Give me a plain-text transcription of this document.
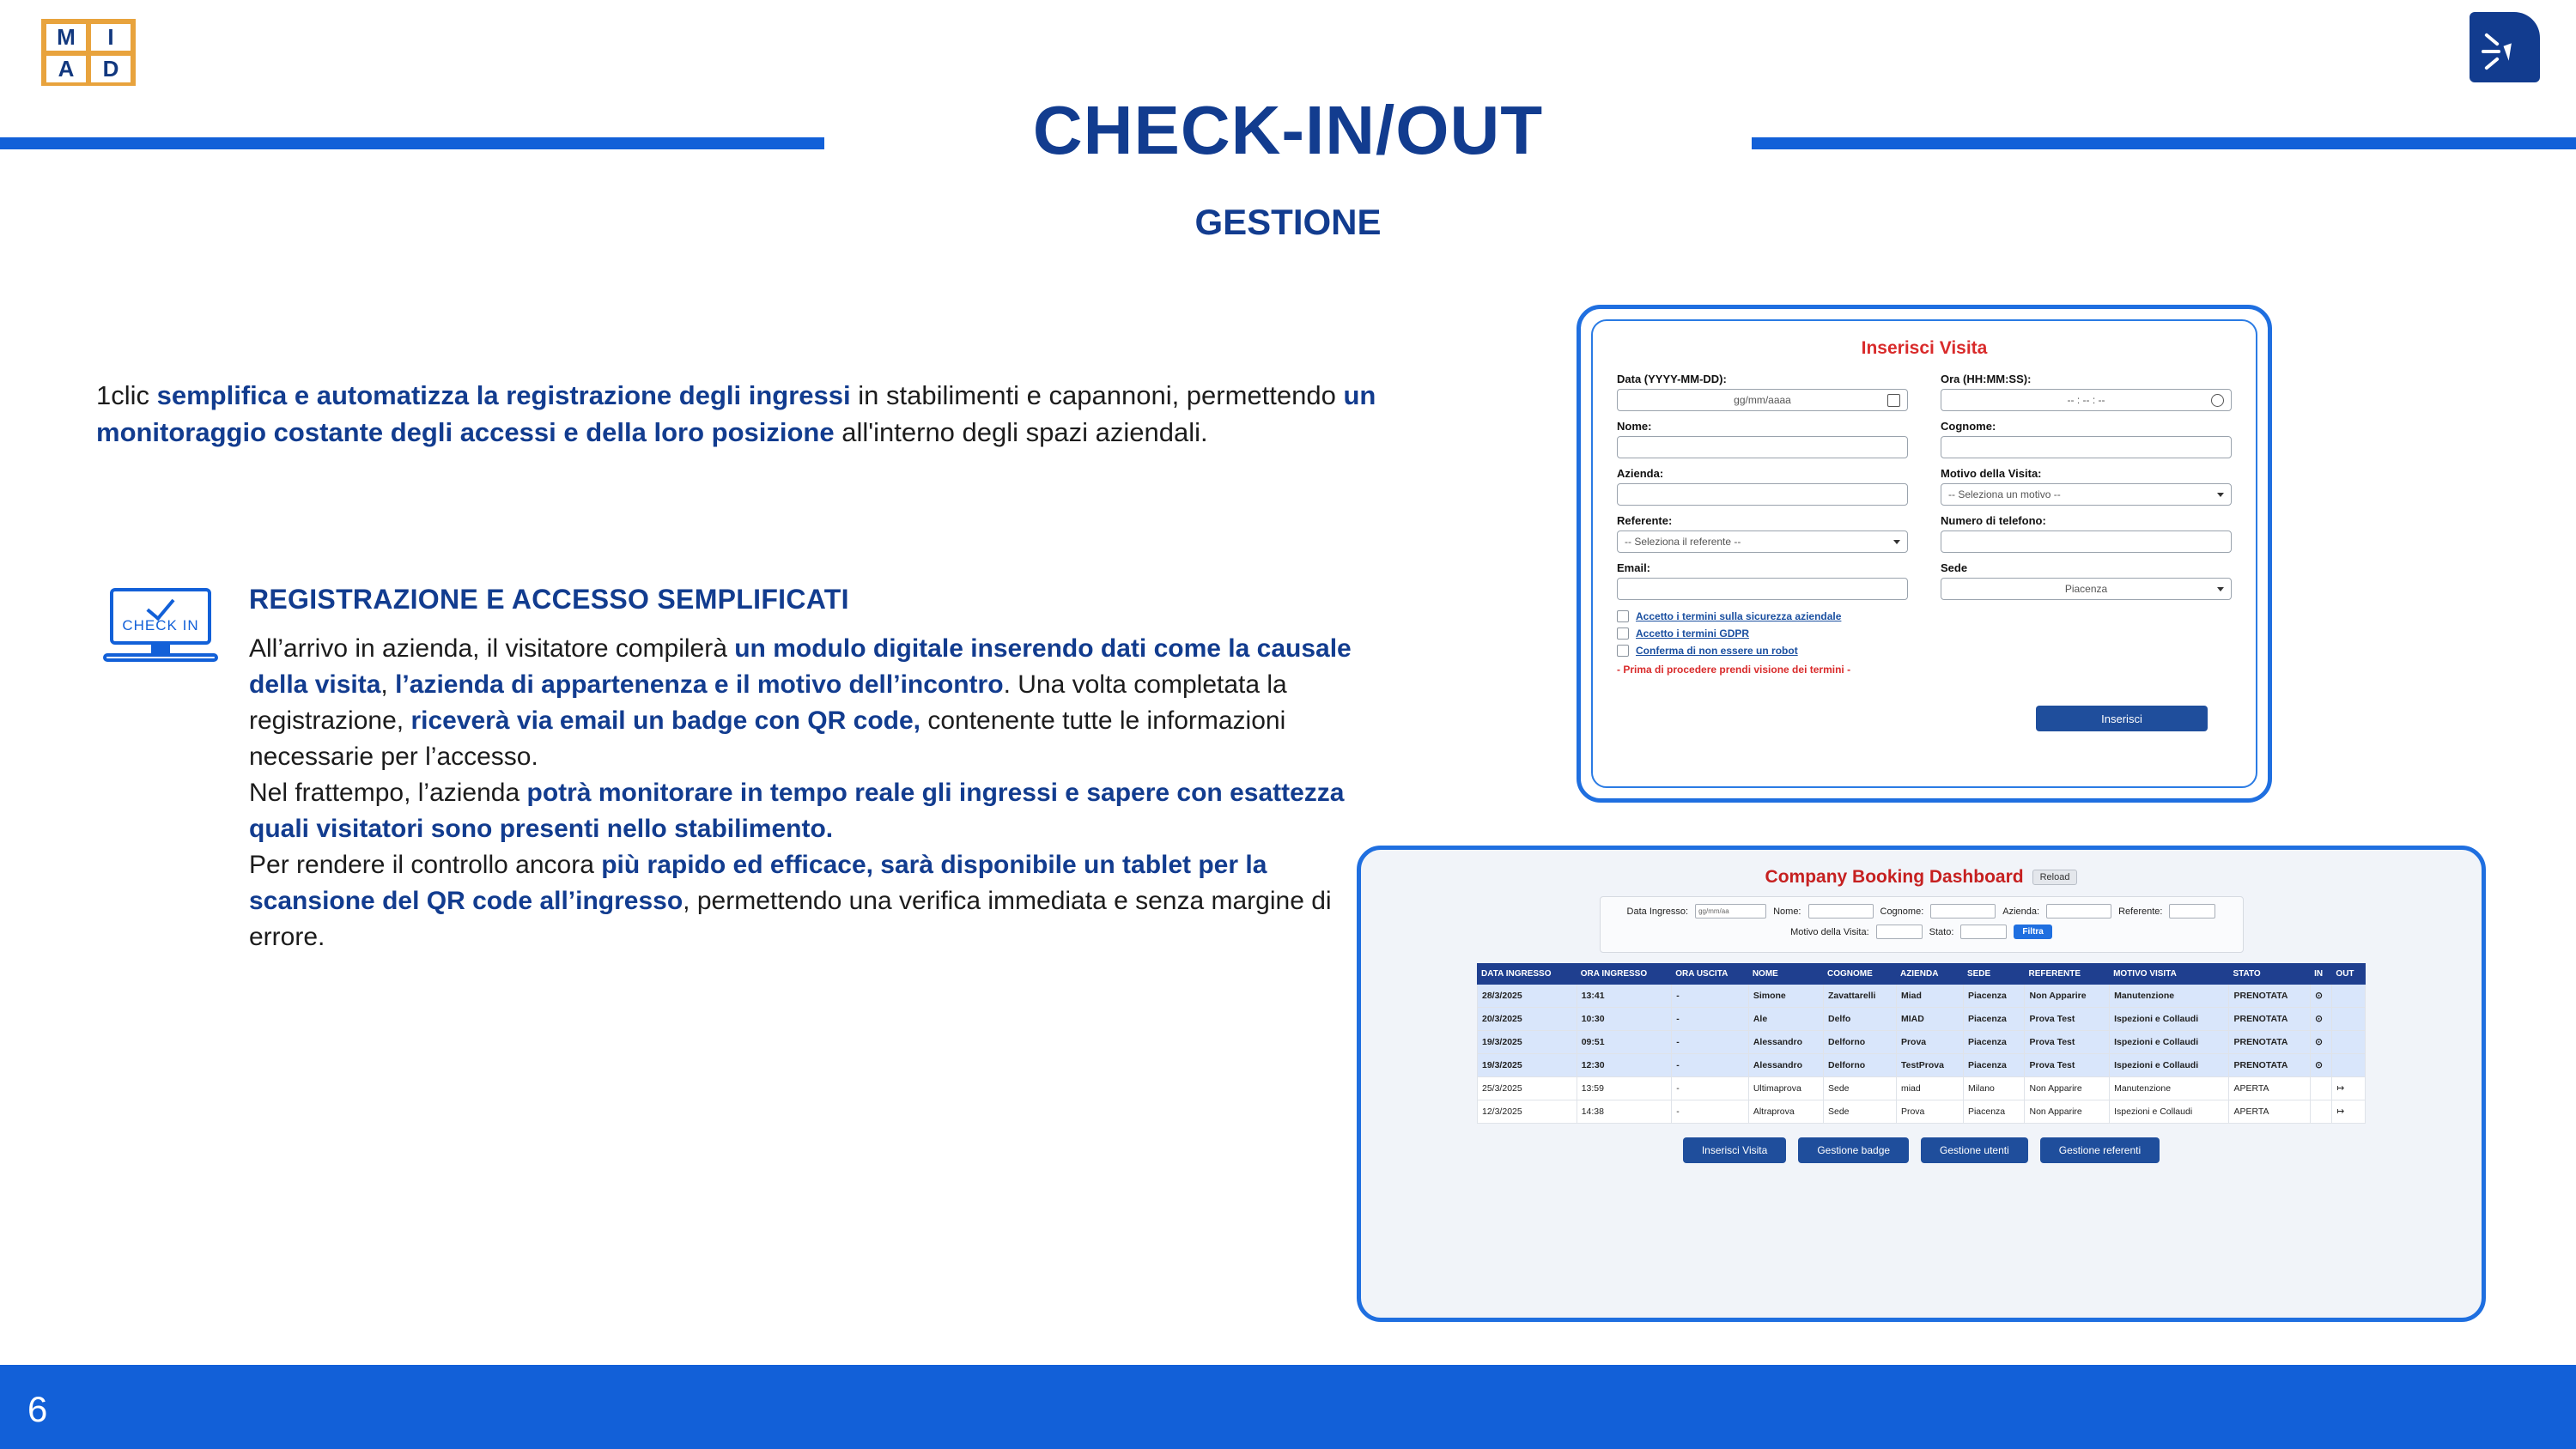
M	I
A	D
CHECK-IN/OUT
GESTIONE
1clic semplifica e automatizza la registrazione degli ingressi in stabilimenti e capannoni, permettendo un monitoraggio costante degli accessi e della loro posizione all'interno degli spazi aziendali.
CHECK IN
REGISTRAZIONE E ACCESSO SEMPLIFICATI

All’arrivo in azienda, il visitatore compilerà un modulo digitale inserendo dati come la causale della visita, l’azienda di appartenenza e il motivo dell’incontro. Una volta completata la registrazione, riceverà via email un badge con QR code, contenente tutte le informazioni necessarie per l’accesso.

Nel frattempo, l’azienda potrà monitorare in tempo reale gli ingressi e sapere con esattezza quali visitatori sono presenti nello stabilimento.

Per rendere il controllo ancora più rapido ed efficace, sarà disponibile un tablet per la scansione del QR code all’ingresso, permettendo una verifica immediata e senza margine di errore.

Inserisci Visita
Data (YYYY-MM-DD):
gg/mm/aaaa
Ora (HH:MM:SS):
-- : -- : --
Nome:	Cognome:
Azienda:	Motivo della Visita:
-- Seleziona un motivo --
Referente:
-- Seleziona il referente --
Numero di telefono:
Email:	Sede
Piacenza
Accetto i termini sulla sicurezza aziendale
Accetto i termini GDPR
Conferma di non essere un robot
- Prima di procedere prendi visione dei termini -
Inserisci
Company Booking Dashboard Reload
Data Ingresso:	gg/mm/aa	Nome:	Cognome:	Azienda:	Referente:
Motivo della Visita:	Stato:	Filtra
DATA INGRESSO	ORA INGRESSO	ORA USCITA	NOME	COGNOME	AZIENDA	SEDE	REFERENTE	MOTIVO VISITA	STATO	IN	OUT
28/3/2025	13:41	-	Simone	Zavattarelli	Miad	Piacenza	Non Apparire	Manutenzione	PRENOTATA	⊙	
20/3/2025	10:30	-	Ale	Delfo	MIAD	Piacenza	Prova Test	Ispezioni e Collaudi	PRENOTATA	⊙	
19/3/2025	09:51	-	Alessandro	Delforno	Prova	Piacenza	Prova Test	Ispezioni e Collaudi	PRENOTATA	⊙	
19/3/2025	12:30	-	Alessandro	Delforno	TestProva	Piacenza	Prova Test	Ispezioni e Collaudi	PRENOTATA	⊙	
25/3/2025	13:59	-	Ultimaprova	Sede	miad	Milano	Non Apparire	Manutenzione	APERTA		↦
12/3/2025	14:38	-	Altraprova	Sede	Prova	Piacenza	Non Apparire	Ispezioni e Collaudi	APERTA		↦
Inserisci Visita	Gestione badge	Gestione utenti	Gestione referenti
6
